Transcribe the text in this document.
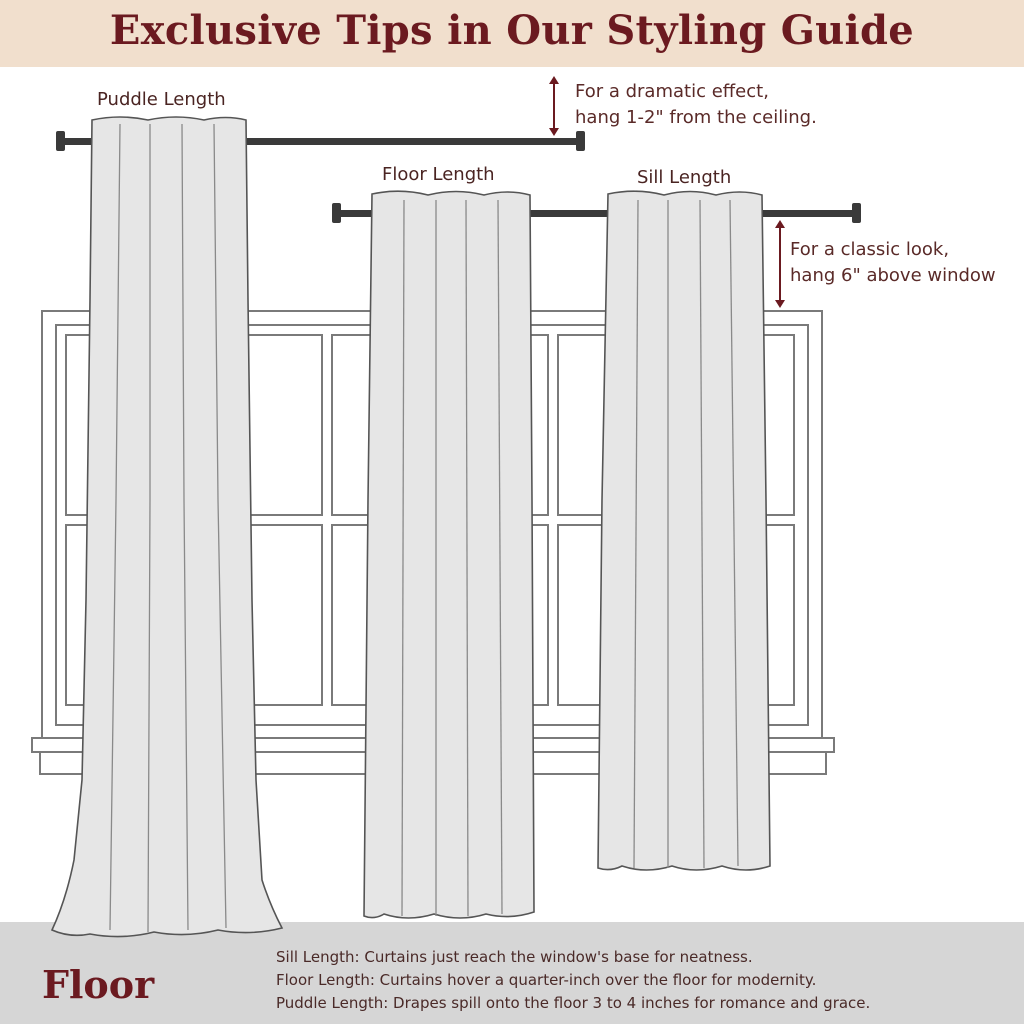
Exclusive Tips in Our Styling Guide
Puddle Length
Floor Length	Sill Length
For a dramatic effect,
hang 1-2" from the ceiling.
For a classic look,
hang 6" above window
Floor
Sill Length: Curtains just reach the window's base for neatness.
Floor Length: Curtains hover a quarter-inch over the floor for modernity.
Puddle Length: Drapes spill onto the floor 3 to 4 inches for romance and grace.
